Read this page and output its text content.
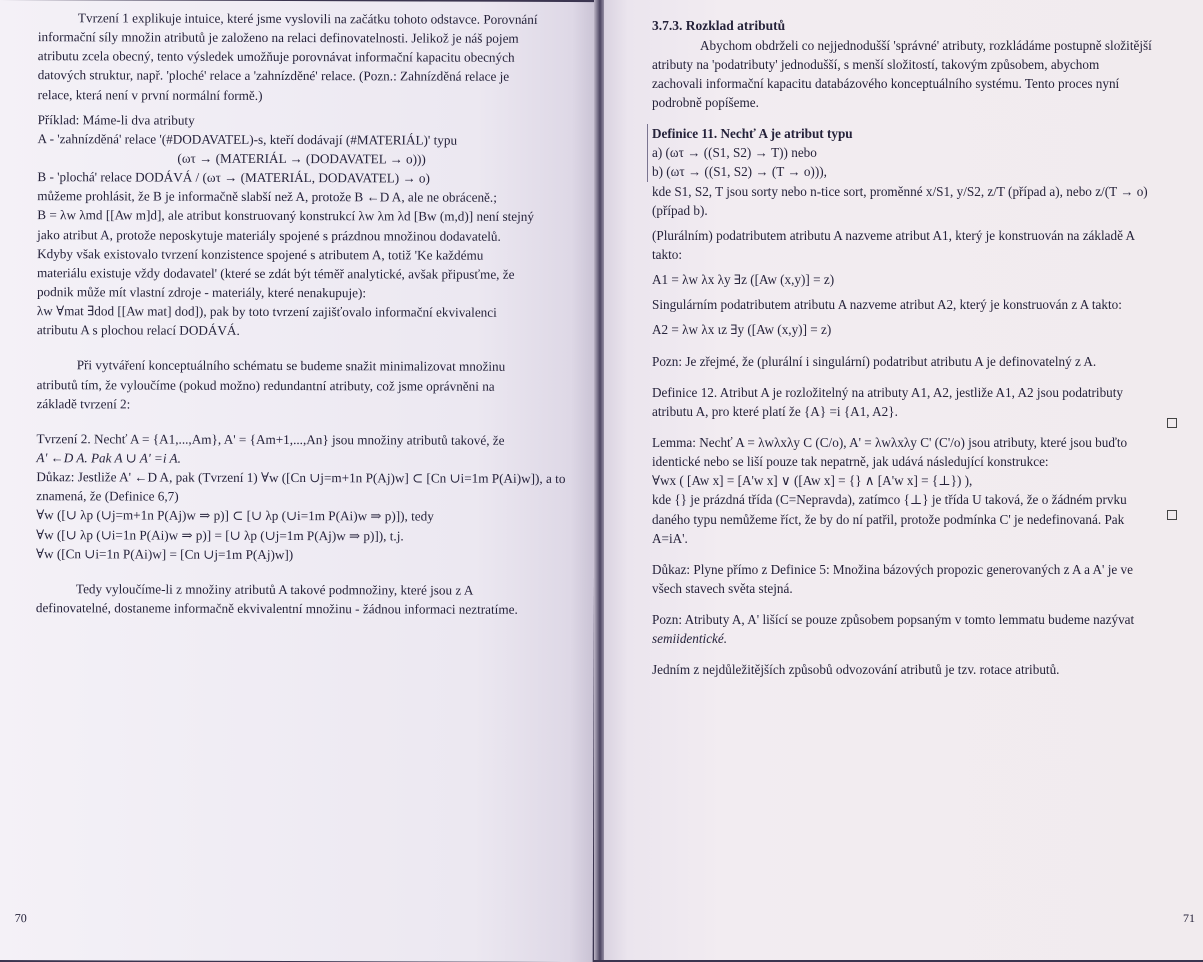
Tvrzení 1 explikuje intuice, které jsme vyslovili na začátku tohoto odstavce. Porovnání

informační síly množin atributů je založeno na relaci definovatelnosti. Jelikož je náš pojem

atributu zcela obecný, tento výsledek umožňuje porovnávat informační kapacitu obecných

datových struktur, např. 'ploché' relace a 'zahnízděné' relace. (Pozn.: Zahnízděná relace je

relace, která není v první normální formě.)

Příklad: Máme-li dva atributy

A - 'zahnízděná' relace '(#DODAVATEL)-s, kteří dodávají (#MATERIÁL)' typu

(ωτ → (MATERIÁL → (DODAVATEL → ο)))

B - 'plochá' relace DODÁVÁ / (ωτ → (MATERIÁL, DODAVATEL) → ο)

můžeme prohlásit, že B je informačně slabší než A, protože B ←D A, ale ne obráceně.;

B = λw λmd [[Aw m]d], ale atribut konstruovaný konstrukcí λw λm λd [Bw (m,d)] není stejný

jako atribut A, protože neposkytuje materiály spojené s prázdnou množinou dodavatelů.

Kdyby však existovalo tvrzení konzistence spojené s atributem A, totiž 'Ke každému

materiálu existuje vždy dodavatel' (které se zdát být téměř analytické, avšak připusťme, že

podnik může mít vlastní zdroje - materiály, které nenakupuje):

λw ∀mat ∃dod [[Aw mat] dod]), pak by toto tvrzení zajišťovalo informační ekvivalenci

atributu A s plochou relací DODÁVÁ.

Při vytváření konceptuálního schématu se budeme snažit minimalizovat množinu

atributů tím, že vyloučíme (pokud možno) redundantní atributy, což jsme oprávněni na

základě tvrzení 2:

Tvrzení 2. Nechť A = {A1,...,Am}, A' = {Am+1,...,An} jsou množiny atributů takové, že

A' ←D A. Pak A ∪ A' =i A.

Důkaz: Jestliže A' ←D A, pak (Tvrzení 1) ∀w ([Cn ∪j=m+1n P(Aj)w] ⊂ [Cn ∪i=1m P(Ai)w]), a to

znamená, že (Definice 6,7)

∀w ([∪ λp (∪j=m+1n P(Aj)w ⇒ p)] ⊂ [∪ λp (∪i=1m P(Ai)w ⇒ p)]), tedy

∀w ([∪ λp (∪i=1n P(Ai)w ⇒ p)] = [∪ λp (∪j=1m P(Aj)w ⇒ p)]), t.j.

∀w ([Cn ∪i=1n P(Ai)w] = [Cn ∪j=1m P(Aj)w])

Tedy vyloučíme-li z množiny atributů A takové podmnožiny, které jsou z A

definovatelné, dostaneme informačně ekvivalentní množinu - žádnou informaci neztratíme.

70

3.7.3. Rozklad atributů

Abychom obdrželi co nejjednodušší 'správné' atributy, rozkládáme postupně složitější

atributy na 'podatributy' jednodušší, s menší složitostí, takovým způsobem, abychom

zachovali informační kapacitu databázového konceptuálního systému. Tento proces nyní

podrobně popíšeme.

Definice 11. Nechť A je atribut typu

a) (ωτ → ((S1, S2) → T)) nebo

b) (ωτ → ((S1, S2) → (T → ο))),

kde S1, S2, T jsou sorty nebo n-tice sort, proměnné x/S1, y/S2, z/T (případ a), nebo z/(T → ο)

(případ b).

(Plurálním) podatributem atributu A nazveme atribut A1, který je konstruován na základě A

takto:

A1 = λw λx λy ∃z ([Aw (x,y)] = z)

Singulárním podatributem atributu A nazveme atribut A2, který je konstruován z A takto:

A2 = λw λx ιz ∃y ([Aw (x,y)] = z)

Pozn: Je zřejmé, že (plurální i singulární) podatribut atributu A je definovatelný z A.

Definice 12. Atribut A je rozložitelný na atributy A1, A2, jestliže A1, A2 jsou podatributy

atributu A, pro které platí že {A} =i {A1, A2}.

Lemma: Nechť A = λwλxλy C (C/ο), A' = λwλxλy C' (C'/ο) jsou atributy, které jsou buďto

identické nebo se liší pouze tak nepatrně, jak udává následující konstrukce:

∀wx ( [Aw x] = [A'w x] ∨ ([Aw x] = {} ∧ [A'w x] = {⊥}) ),

kde {} je prázdná třída (C=Nepravda), zatímco {⊥} je třída U taková, že o žádném prvku

daného typu nemůžeme říct, že by do ní patřil, protože podmínka C' je nedefinovaná. Pak

A=iA'.

Důkaz: Plyne přímo z Definice 5: Množina bázových propozic generovaných z A a A' je ve

všech stavech světa stejná.

Pozn: Atributy A, A' lišící se pouze způsobem popsaným v tomto lemmatu budeme nazývat

semiidentické.

Jedním z nejdůležitějších způsobů odvozování atributů je tzv. rotace atributů.

71
